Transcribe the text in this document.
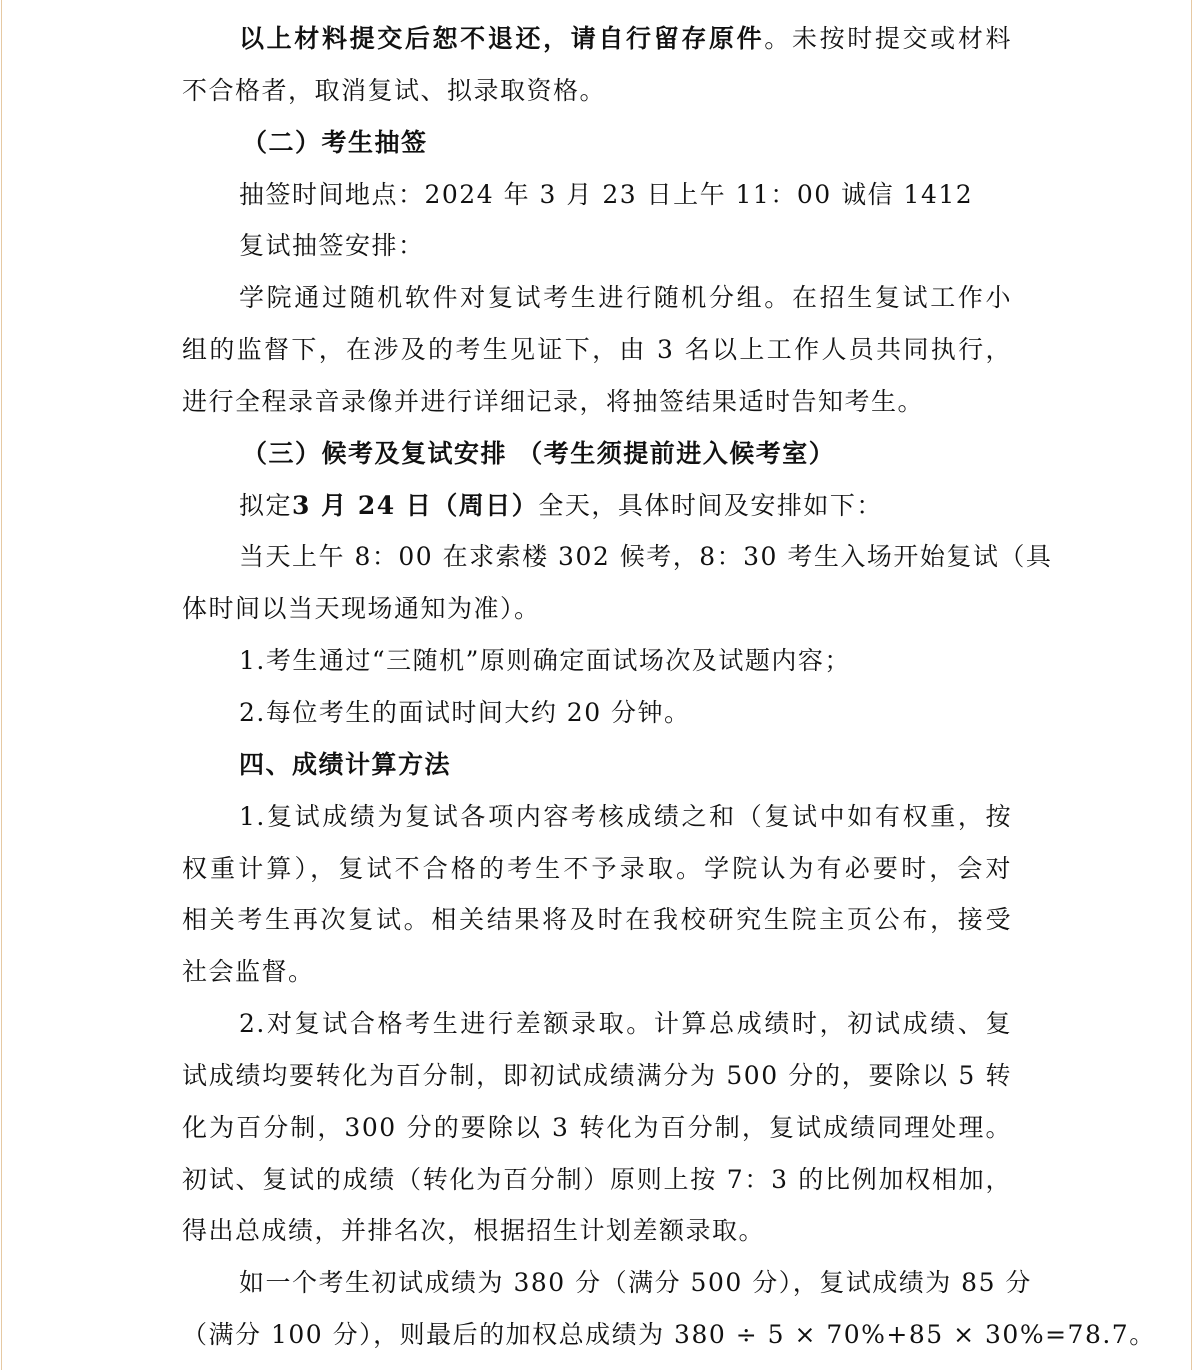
以上材料提交后恕不退还，请自行留存原件。未按时提交或材料
不合格者，取消复试、拟录取资格。
（二）考生抽签
抽签时间地点：2024 年 3 月 23 日上午 11：00 诚信 1412
复试抽签安排：
学院通过随机软件对复试考生进行随机分组。在招生复试工作小
组的监督下，在涉及的考生见证下，由 3 名以上工作人员共同执行，
进行全程录音录像并进行详细记录，将抽签结果适时告知考生。
（三）候考及复试安排 （考生须提前进入候考室）
拟定3 月 24 日（周日）全天，具体时间及安排如下：
当天上午 8：00 在求索楼 302 候考，8：30 考生入场开始复试（具
体时间以当天现场通知为准）。
1.考生通过“三随机”原则确定面试场次及试题内容；
2.每位考生的面试时间大约 20 分钟。
四、成绩计算方法
1.复试成绩为复试各项内容考核成绩之和（复试中如有权重，按
权重计算），复试不合格的考生不予录取。学院认为有必要时，会对
相关考生再次复试。相关结果将及时在我校研究生院主页公布，接受
社会监督。
2.对复试合格考生进行差额录取。计算总成绩时，初试成绩、复
试成绩均要转化为百分制，即初试成绩满分为 500 分的，要除以 5 转
化为百分制，300 分的要除以 3 转化为百分制，复试成绩同理处理。
初试、复试的成绩（转化为百分制）原则上按 7：3 的比例加权相加，
得出总成绩，并排名次，根据招生计划差额录取。
如一个考生初试成绩为 380 分（满分 500 分），复试成绩为 85 分
（满分 100 分），则最后的加权总成绩为 380 ÷ 5 × 70%+85 × 30%=78.7。
